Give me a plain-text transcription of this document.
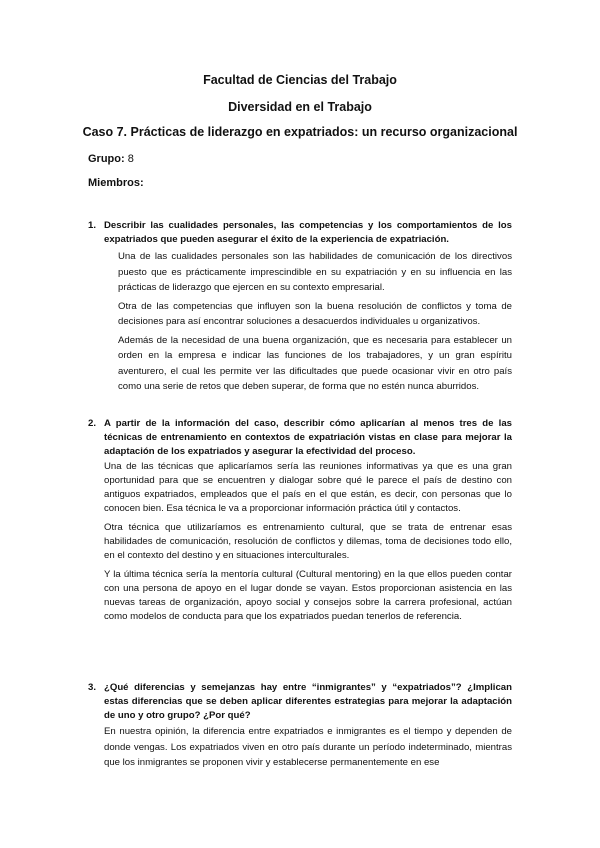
Facultad de Ciencias del Trabajo
Diversidad en el Trabajo
Caso 7. Prácticas de liderazgo en expatriados: un recurso organizacional
Grupo: 8
Miembros:
1. Describir las cualidades personales, las competencias y los comportamientos de los expatriados que pueden asegurar el éxito de la experiencia de expatriación.

Una de las cualidades personales son las habilidades de comunicación de los directivos puesto que es prácticamente imprescindible en su expatriación y en su influencia en las prácticas de liderazgo que ejercen en su contexto empresarial.

Otra de las competencias que influyen son la buena resolución de conflictos y toma de decisiones para así encontrar soluciones a desacuerdos individuales u organizativos.

Además de la necesidad de una buena organización, que es necesaria para establecer un orden en la empresa e indicar las funciones de los trabajadores, y un gran espíritu aventurero, el cual les permite ver las dificultades que puede ocasionar vivir en otro país como una serie de retos que deben superar, de forma que no estén nunca aburridos.

2. A partir de la información del caso, describir cómo aplicarían al menos tres de las técnicas de entrenamiento en contextos de expatriación vistas en clase para mejorar la adaptación de los expatriados y asegurar la efectividad del proceso.

Una de las técnicas que aplicaríamos sería las reuniones informativas ya que es una gran oportunidad para que se encuentren y dialogar sobre qué le parece el país de destino con antiguos expatriados, empleados que el país en el que están, es decir, con personas que lo conocen bien. Esa técnica le va a proporcionar información práctica útil y contactos.

Otra técnica que utilizaríamos es entrenamiento cultural, que se trata de entrenar esas habilidades de comunicación, resolución de conflictos y dilemas, toma de decisiones todo ello, en el contexto del destino y en situaciones interculturales.

Y la última técnica sería la mentoría cultural (Cultural mentoring) en la que ellos pueden contar con una persona de apoyo en el lugar donde se vayan. Estos proporcionan asistencia en las nuevas tareas de organización, apoyo social y consejos sobre la carrera profesional, actúan como modelos de conducta para que los expatriados puedan tenerlos de referencia.

3. ¿Qué diferencias y semejanzas hay entre “inmigrantes” y “expatriados”? ¿Implican estas diferencias que se deben aplicar diferentes estrategias para mejorar la adaptación de uno y otro grupo? ¿Por qué?

En nuestra opinión, la diferencia entre expatriados e inmigrantes es el tiempo y dependen de donde vengas. Los expatriados viven en otro país durante un período indeterminado, mientras que los inmigrantes se proponen vivir y establecerse permanentemente en ese
